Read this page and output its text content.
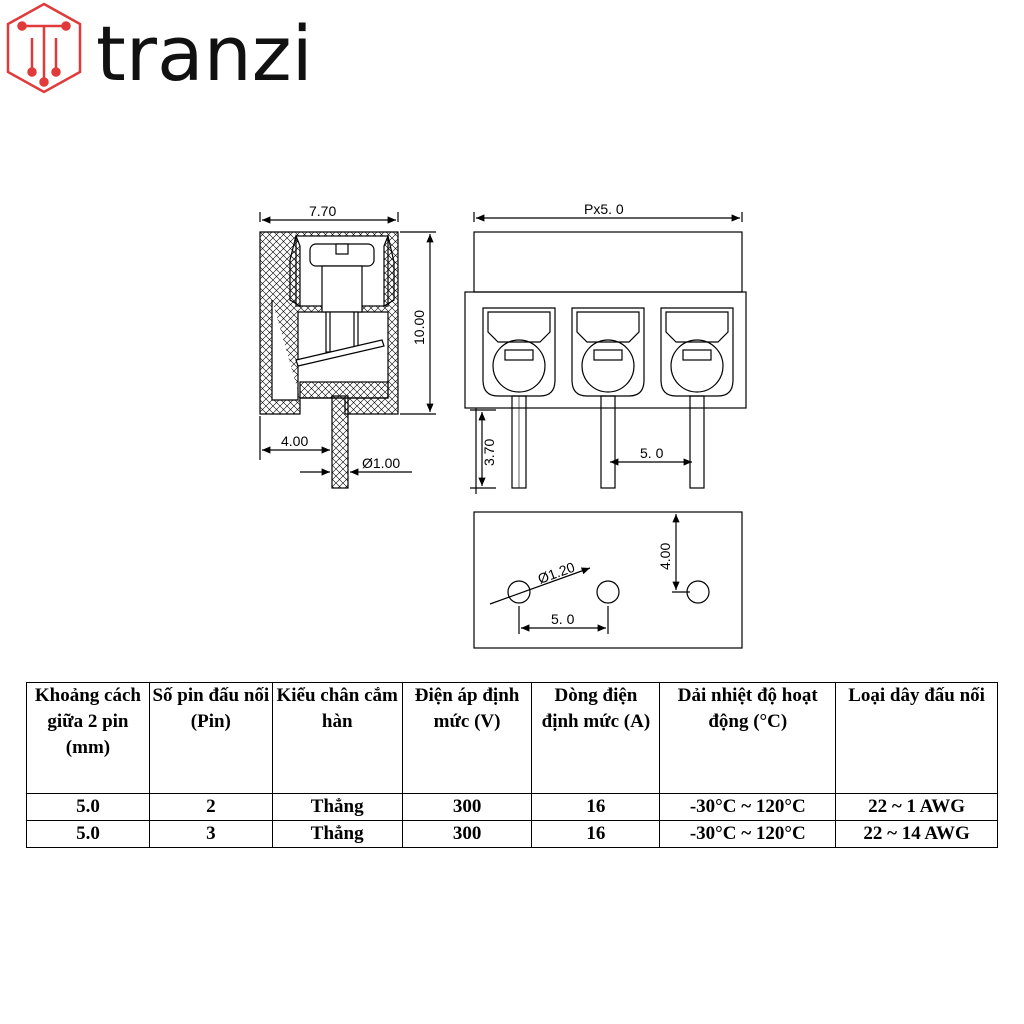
tranzi
7.70
10.00
4.00
Ø1.00
Px5. 0
3.70	5. 0
Ø1.20
5. 0
4.00
Khoảng cách giữa 2 pin (mm)	Số pin đấu nối (Pin)	Kiểu chân cắm hàn	Điện áp định mức (V)	Dòng điện định mức (A)	Dải nhiệt độ hoạt động (°C)	Loại dây đấu nối
5.0	2	Thẳng	300	16	-30°C ~ 120°C	22 ~ 1 AWG
5.0	3	Thẳng	300	16	-30°C ~ 120°C	22 ~ 14 AWG
